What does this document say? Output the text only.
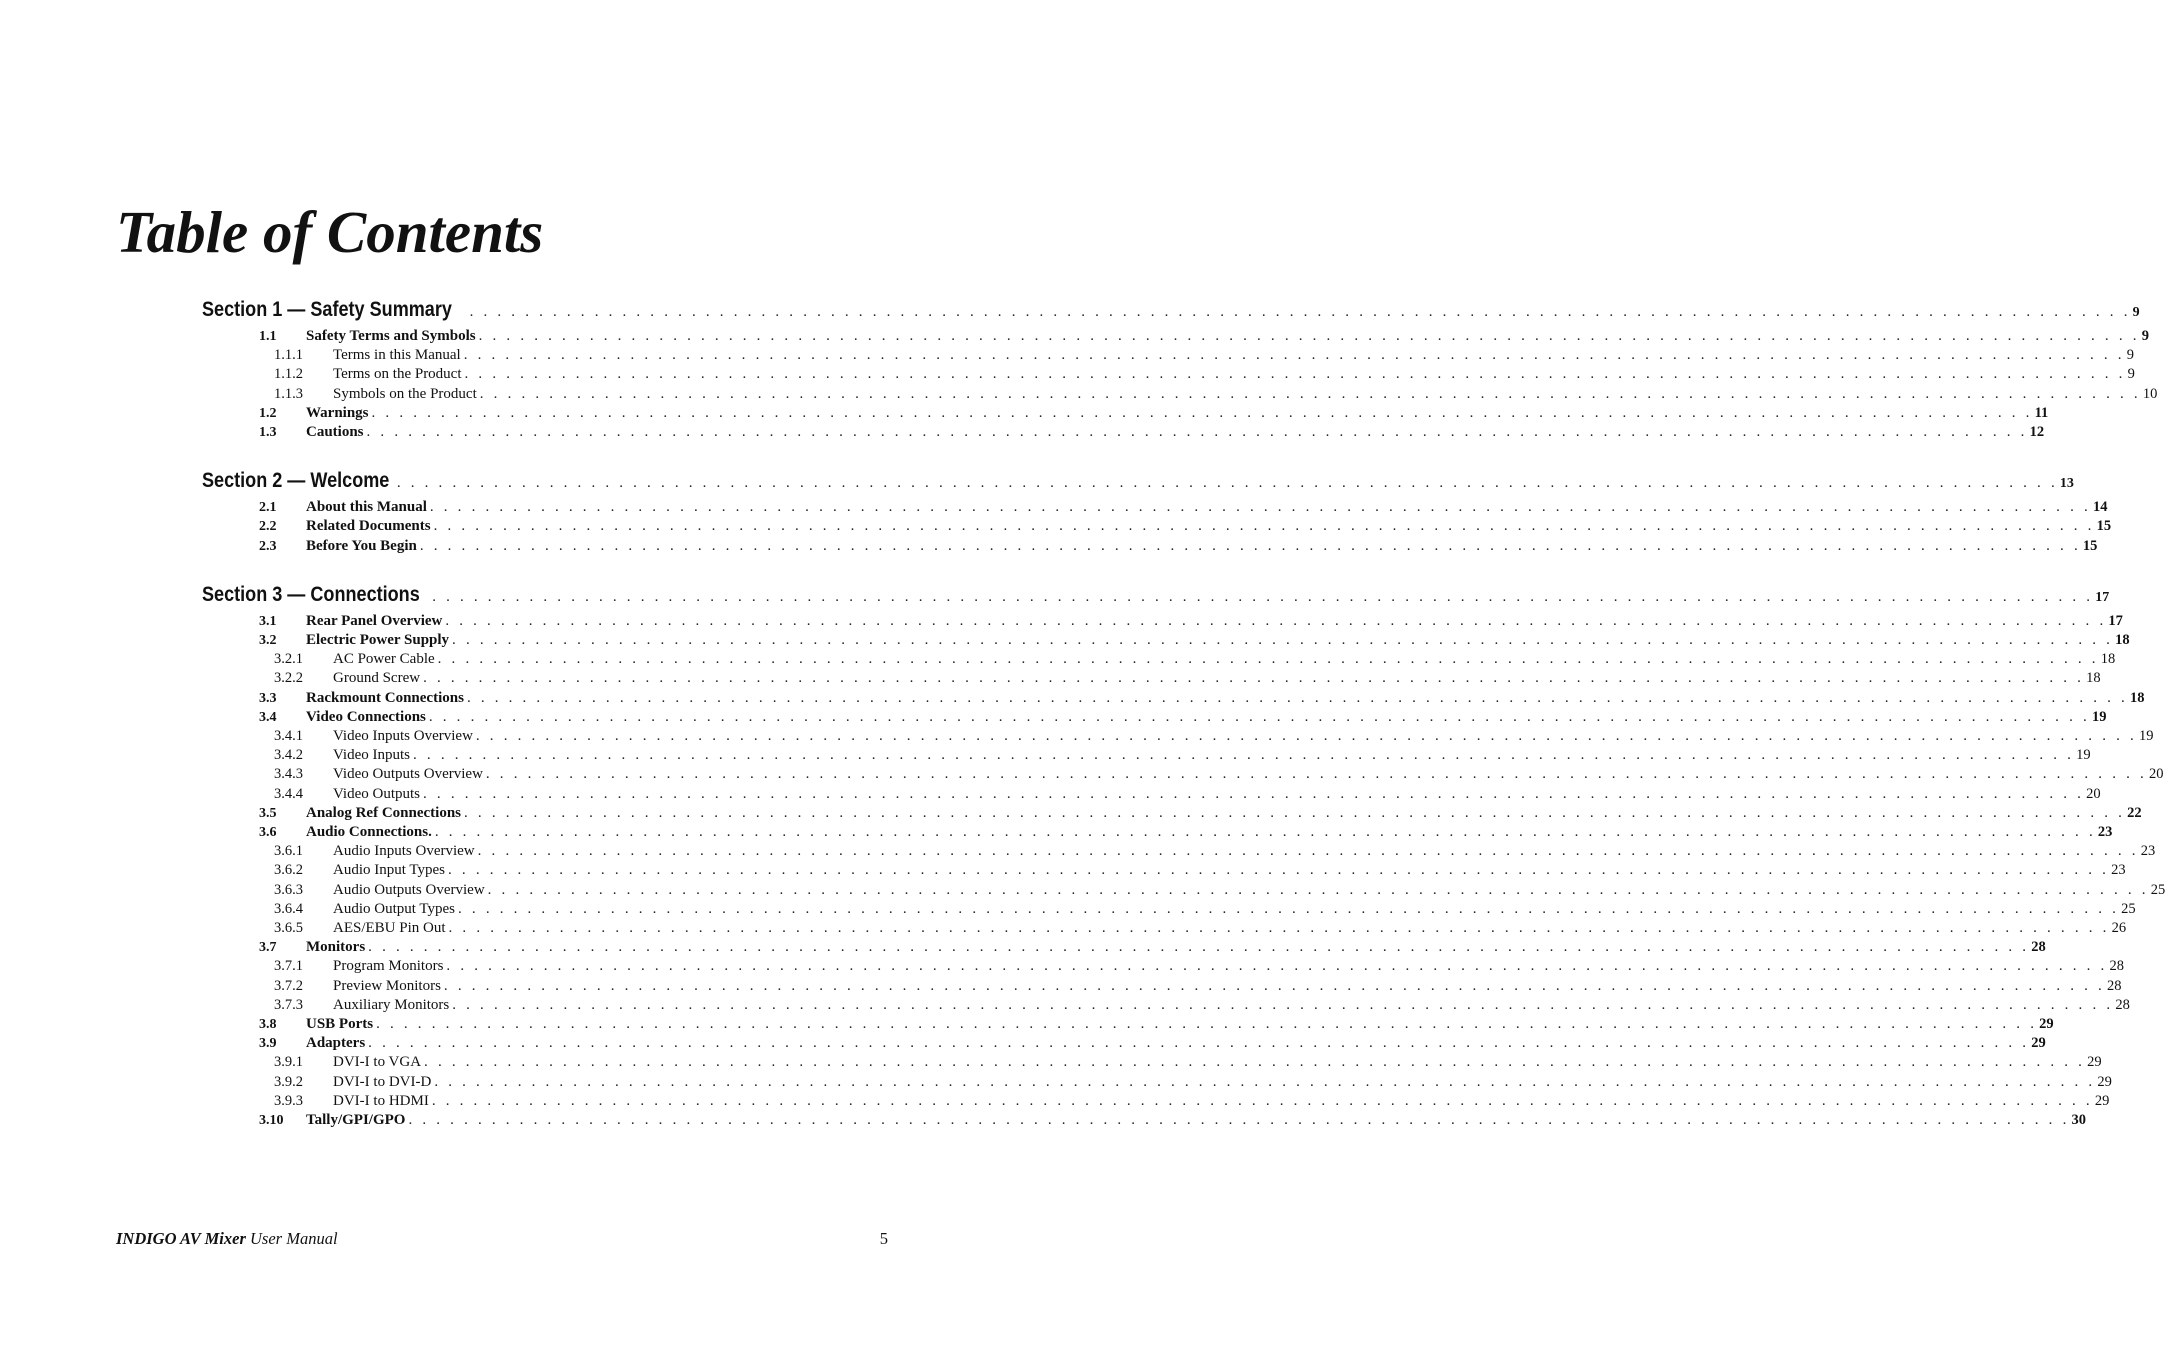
Table of Contents
Section 1 — Safety Summary . . . . . . . . . . . . . . . . . . . . . . . . . . . . . . . . . . . . . . . . . . . . . . . . . . . . . . . . . . . . . . . . . . . . . . . . . . . . . . . . . . . . . . . . . . . . . . . . . . . . . . . . . . . . . . . . . . . . . . . . 9
1.1	Safety Terms and Symbols . . . . . . . . . . . . . . . . . . . . . . . . . . . . . . . . . . . . . . . . . . . . . . . . . . . . . . . . . . . . . . . . . . . . . . . . . . . . . . . . . . . . . . . . . . . . . . . . . . . . . . . . . . . . . . . . . . . . . . . . 9
1.1.1	Terms in this Manual . . . . . . . . . . . . . . . . . . . . . . . . . . . . . . . . . . . . . . . . . . . . . . . . . . . . . . . . . . . . . . . . . . . . . . . . . . . . . . . . . . . . . . . . . . . . . . . . . . . . . . . . . . . . . . . . . . . . . . . . 9
1.1.2	Terms on the Product . . . . . . . . . . . . . . . . . . . . . . . . . . . . . . . . . . . . . . . . . . . . . . . . . . . . . . . . . . . . . . . . . . . . . . . . . . . . . . . . . . . . . . . . . . . . . . . . . . . . . . . . . . . . . . . . . . . . . . . . 9
1.1.3	Symbols on the Product . . . . . . . . . . . . . . . . . . . . . . . . . . . . . . . . . . . . . . . . . . . . . . . . . . . . . . . . . . . . . . . . . . . . . . . . . . . . . . . . . . . . . . . . . . . . . . . . . . . . . . . . . . . . . . . . . . . . . . . . 10
1.2	Warnings . . . . . . . . . . . . . . . . . . . . . . . . . . . . . . . . . . . . . . . . . . . . . . . . . . . . . . . . . . . . . . . . . . . . . . . . . . . . . . . . . . . . . . . . . . . . . . . . . . . . . . . . . . . . . . . . . . . . . . . . 11
1.3	Cautions . . . . . . . . . . . . . . . . . . . . . . . . . . . . . . . . . . . . . . . . . . . . . . . . . . . . . . . . . . . . . . . . . . . . . . . . . . . . . . . . . . . . . . . . . . . . . . . . . . . . . . . . . . . . . . . . . . . . . . . . 12
Section 2 — Welcome . . . . . . . . . . . . . . . . . . . . . . . . . . . . . . . . . . . . . . . . . . . . . . . . . . . . . . . . . . . . . . . . . . . . . . . . . . . . . . . . . . . . . . . . . . . . . . . . . . . . . . . . . . . . . . . . . . . . . . . . 13
2.1	About this Manual . . . . . . . . . . . . . . . . . . . . . . . . . . . . . . . . . . . . . . . . . . . . . . . . . . . . . . . . . . . . . . . . . . . . . . . . . . . . . . . . . . . . . . . . . . . . . . . . . . . . . . . . . . . . . . . . . . . . . . . . 14
2.2	Related Documents . . . . . . . . . . . . . . . . . . . . . . . . . . . . . . . . . . . . . . . . . . . . . . . . . . . . . . . . . . . . . . . . . . . . . . . . . . . . . . . . . . . . . . . . . . . . . . . . . . . . . . . . . . . . . . . . . . . . . . . . 15
2.3	Before You Begin . . . . . . . . . . . . . . . . . . . . . . . . . . . . . . . . . . . . . . . . . . . . . . . . . . . . . . . . . . . . . . . . . . . . . . . . . . . . . . . . . . . . . . . . . . . . . . . . . . . . . . . . . . . . . . . . . . . . . . . . 15
Section 3 — Connections . . . . . . . . . . . . . . . . . . . . . . . . . . . . . . . . . . . . . . . . . . . . . . . . . . . . . . . . . . . . . . . . . . . . . . . . . . . . . . . . . . . . . . . . . . . . . . . . . . . . . . . . . . . . . . . . . . . . . . . . 17
3.1	Rear Panel Overview . . . . . . . . . . . . . . . . . . . . . . . . . . . . . . . . . . . . . . . . . . . . . . . . . . . . . . . . . . . . . . . . . . . . . . . . . . . . . . . . . . . . . . . . . . . . . . . . . . . . . . . . . . . . . . . . . . . . . . . . 17
3.2	Electric Power Supply . . . . . . . . . . . . . . . . . . . . . . . . . . . . . . . . . . . . . . . . . . . . . . . . . . . . . . . . . . . . . . . . . . . . . . . . . . . . . . . . . . . . . . . . . . . . . . . . . . . . . . . . . . . . . . . . . . . . . . . . 18
3.2.1	AC Power Cable . . . . . . . . . . . . . . . . . . . . . . . . . . . . . . . . . . . . . . . . . . . . . . . . . . . . . . . . . . . . . . . . . . . . . . . . . . . . . . . . . . . . . . . . . . . . . . . . . . . . . . . . . . . . . . . . . . . . . . . . 18
3.2.2	Ground Screw . . . . . . . . . . . . . . . . . . . . . . . . . . . . . . . . . . . . . . . . . . . . . . . . . . . . . . . . . . . . . . . . . . . . . . . . . . . . . . . . . . . . . . . . . . . . . . . . . . . . . . . . . . . . . . . . . . . . . . . . 18
3.3	Rackmount Connections . . . . . . . . . . . . . . . . . . . . . . . . . . . . . . . . . . . . . . . . . . . . . . . . . . . . . . . . . . . . . . . . . . . . . . . . . . . . . . . . . . . . . . . . . . . . . . . . . . . . . . . . . . . . . . . . . . . . . . . . 18
3.4	Video Connections . . . . . . . . . . . . . . . . . . . . . . . . . . . . . . . . . . . . . . . . . . . . . . . . . . . . . . . . . . . . . . . . . . . . . . . . . . . . . . . . . . . . . . . . . . . . . . . . . . . . . . . . . . . . . . . . . . . . . . . . 19
3.4.1	Video Inputs Overview . . . . . . . . . . . . . . . . . . . . . . . . . . . . . . . . . . . . . . . . . . . . . . . . . . . . . . . . . . . . . . . . . . . . . . . . . . . . . . . . . . . . . . . . . . . . . . . . . . . . . . . . . . . . . . . . . . . . . . . . 19
3.4.2	Video Inputs . . . . . . . . . . . . . . . . . . . . . . . . . . . . . . . . . . . . . . . . . . . . . . . . . . . . . . . . . . . . . . . . . . . . . . . . . . . . . . . . . . . . . . . . . . . . . . . . . . . . . . . . . . . . . . . . . . . . . . . . 19
3.4.3	Video Outputs Overview . . . . . . . . . . . . . . . . . . . . . . . . . . . . . . . . . . . . . . . . . . . . . . . . . . . . . . . . . . . . . . . . . . . . . . . . . . . . . . . . . . . . . . . . . . . . . . . . . . . . . . . . . . . . . . . . . . . . . . . . 20
3.4.4	Video Outputs . . . . . . . . . . . . . . . . . . . . . . . . . . . . . . . . . . . . . . . . . . . . . . . . . . . . . . . . . . . . . . . . . . . . . . . . . . . . . . . . . . . . . . . . . . . . . . . . . . . . . . . . . . . . . . . . . . . . . . . . 20
3.5	Analog Ref Connections . . . . . . . . . . . . . . . . . . . . . . . . . . . . . . . . . . . . . . . . . . . . . . . . . . . . . . . . . . . . . . . . . . . . . . . . . . . . . . . . . . . . . . . . . . . . . . . . . . . . . . . . . . . . . . . . . . . . . . . . 22
3.6	Audio Connections. . . . . . . . . . . . . . . . . . . . . . . . . . . . . . . . . . . . . . . . . . . . . . . . . . . . . . . . . . . . . . . . . . . . . . . . . . . . . . . . . . . . . . . . . . . . . . . . . . . . . . . . . . . . . . . . . . . . . . . . . 23
3.6.1	Audio Inputs Overview . . . . . . . . . . . . . . . . . . . . . . . . . . . . . . . . . . . . . . . . . . . . . . . . . . . . . . . . . . . . . . . . . . . . . . . . . . . . . . . . . . . . . . . . . . . . . . . . . . . . . . . . . . . . . . . . . . . . . . . . 23
3.6.2	Audio Input Types . . . . . . . . . . . . . . . . . . . . . . . . . . . . . . . . . . . . . . . . . . . . . . . . . . . . . . . . . . . . . . . . . . . . . . . . . . . . . . . . . . . . . . . . . . . . . . . . . . . . . . . . . . . . . . . . . . . . . . . . 23
3.6.3	Audio Outputs Overview . . . . . . . . . . . . . . . . . . . . . . . . . . . . . . . . . . . . . . . . . . . . . . . . . . . . . . . . . . . . . . . . . . . . . . . . . . . . . . . . . . . . . . . . . . . . . . . . . . . . . . . . . . . . . . . . . . . . . . . . 25
3.6.4	Audio Output Types . . . . . . . . . . . . . . . . . . . . . . . . . . . . . . . . . . . . . . . . . . . . . . . . . . . . . . . . . . . . . . . . . . . . . . . . . . . . . . . . . . . . . . . . . . . . . . . . . . . . . . . . . . . . . . . . . . . . . . . . 25
3.6.5	AES/EBU Pin Out . . . . . . . . . . . . . . . . . . . . . . . . . . . . . . . . . . . . . . . . . . . . . . . . . . . . . . . . . . . . . . . . . . . . . . . . . . . . . . . . . . . . . . . . . . . . . . . . . . . . . . . . . . . . . . . . . . . . . . . . 26
3.7	Monitors . . . . . . . . . . . . . . . . . . . . . . . . . . . . . . . . . . . . . . . . . . . . . . . . . . . . . . . . . . . . . . . . . . . . . . . . . . . . . . . . . . . . . . . . . . . . . . . . . . . . . . . . . . . . . . . . . . . . . . . . 28
3.7.1	Program Monitors . . . . . . . . . . . . . . . . . . . . . . . . . . . . . . . . . . . . . . . . . . . . . . . . . . . . . . . . . . . . . . . . . . . . . . . . . . . . . . . . . . . . . . . . . . . . . . . . . . . . . . . . . . . . . . . . . . . . . . . . 28
3.7.2	Preview Monitors . . . . . . . . . . . . . . . . . . . . . . . . . . . . . . . . . . . . . . . . . . . . . . . . . . . . . . . . . . . . . . . . . . . . . . . . . . . . . . . . . . . . . . . . . . . . . . . . . . . . . . . . . . . . . . . . . . . . . . . . 28
3.7.3	Auxiliary Monitors . . . . . . . . . . . . . . . . . . . . . . . . . . . . . . . . . . . . . . . . . . . . . . . . . . . . . . . . . . . . . . . . . . . . . . . . . . . . . . . . . . . . . . . . . . . . . . . . . . . . . . . . . . . . . . . . . . . . . . . . 28
3.8	USB Ports . . . . . . . . . . . . . . . . . . . . . . . . . . . . . . . . . . . . . . . . . . . . . . . . . . . . . . . . . . . . . . . . . . . . . . . . . . . . . . . . . . . . . . . . . . . . . . . . . . . . . . . . . . . . . . . . . . . . . . . . 29
3.9	Adapters . . . . . . . . . . . . . . . . . . . . . . . . . . . . . . . . . . . . . . . . . . . . . . . . . . . . . . . . . . . . . . . . . . . . . . . . . . . . . . . . . . . . . . . . . . . . . . . . . . . . . . . . . . . . . . . . . . . . . . . . 29
3.9.1	DVI-I to VGA . . . . . . . . . . . . . . . . . . . . . . . . . . . . . . . . . . . . . . . . . . . . . . . . . . . . . . . . . . . . . . . . . . . . . . . . . . . . . . . . . . . . . . . . . . . . . . . . . . . . . . . . . . . . . . . . . . . . . . . . 29
3.9.2	DVI-I to DVI-D . . . . . . . . . . . . . . . . . . . . . . . . . . . . . . . . . . . . . . . . . . . . . . . . . . . . . . . . . . . . . . . . . . . . . . . . . . . . . . . . . . . . . . . . . . . . . . . . . . . . . . . . . . . . . . . . . . . . . . . . 29
3.9.3	DVI-I to HDMI . . . . . . . . . . . . . . . . . . . . . . . . . . . . . . . . . . . . . . . . . . . . . . . . . . . . . . . . . . . . . . . . . . . . . . . . . . . . . . . . . . . . . . . . . . . . . . . . . . . . . . . . . . . . . . . . . . . . . . . . 29
3.10	Tally/GPI/GPO . . . . . . . . . . . . . . . . . . . . . . . . . . . . . . . . . . . . . . . . . . . . . . . . . . . . . . . . . . . . . . . . . . . . . . . . . . . . . . . . . . . . . . . . . . . . . . . . . . . . . . . . . . . . . . . . . . . . . . . . 30
INDIGO AV Mixer User Manual	5
